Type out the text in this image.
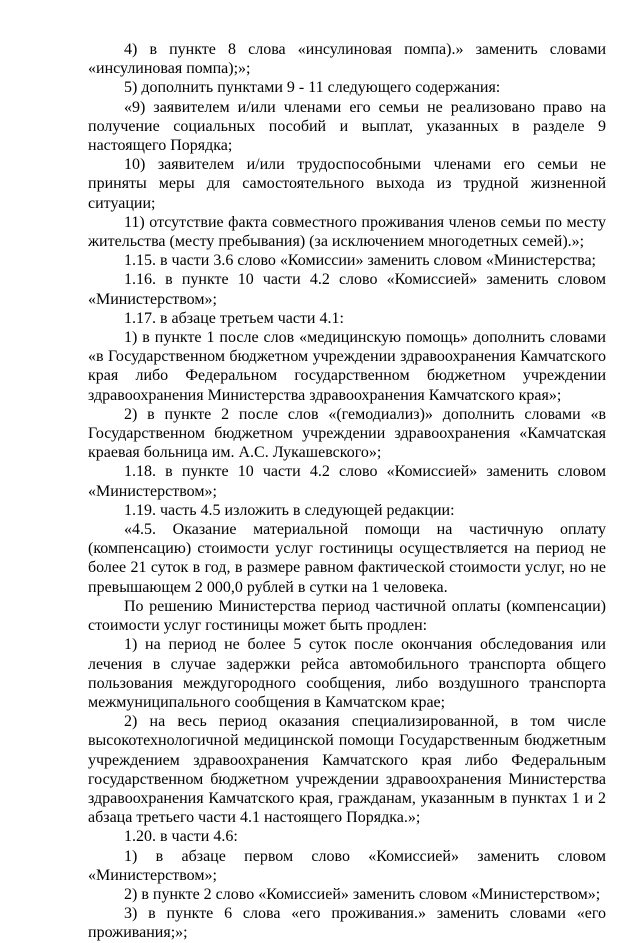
4) в пункте 8 слова «инсулиновая помпа).» заменить словами «инсулиновая помпа);»;

5) дополнить пунктами 9 - 11 следующего содержания:

«9) заявителем и/или членами его семьи не реализовано право на получение социальных пособий и выплат, указанных в разделе 9 настоящего Порядка;

10) заявителем и/или трудоспособными членами его семьи не приняты меры для самостоятельного выхода из трудной жизненной ситуации;

11) отсутствие факта совместного проживания членов семьи по месту жительства (месту пребывания) (за исключением многодетных семей).»;

1.15. в части 3.6 слово «Комиссии» заменить словом «Министерства;

1.16. в пункте 10 части 4.2 слово «Комиссией» заменить словом «Министерством»;

1.17. в абзаце третьем части 4.1:

1) в пункте 1 после слов «медицинскую помощь» дополнить словами «в Государственном бюджетном учреждении здравоохранения Камчатского края либо Федеральном государственном бюджетном учреждении здравоохранения Министерства здравоохранения Камчатского края»;

2) в пункте 2 после слов «(гемодиализ)» дополнить словами «в Государственном бюджетном учреждении здравоохранения «Камчатская краевая больница им. А.С. Лукашевского»;

1.18. в пункте 10 части 4.2 слово «Комиссией» заменить словом «Министерством»;

1.19. часть 4.5 изложить в следующей редакции:

«4.5. Оказание материальной помощи на частичную оплату (компенсацию) стоимости услуг гостиницы осуществляется на период не более 21 суток в год, в размере равном фактической стоимости услуг, но не превышающем 2 000,0 рублей в сутки на 1 человека.

По решению Министерства период частичной оплаты (компенсации) стоимости услуг гостиницы может быть продлен:

1) на период не более 5 суток после окончания обследования или лечения в случае задержки рейса автомобильного транспорта общего пользования междугородного сообщения, либо воздушного транспорта межмуниципального сообщения в Камчатском крае;

2) на весь период оказания специализированной, в том числе высокотехнологичной медицинской помощи Государственным бюджетным учреждением здравоохранения Камчатского края либо Федеральным государственном бюджетном учреждении здравоохранения Министерства здравоохранения Камчатского края, гражданам, указанным в пунктах 1 и 2 абзаца третьего части 4.1 настоящего Порядка.»;

1.20. в части 4.6:

1) в абзаце первом слово «Комиссией» заменить словом «Министерством»;

2) в пункте 2 слово «Комиссией» заменить словом «Министерством»;

3) в пункте 6 слова «его проживания.» заменить словами «его проживания;»;
